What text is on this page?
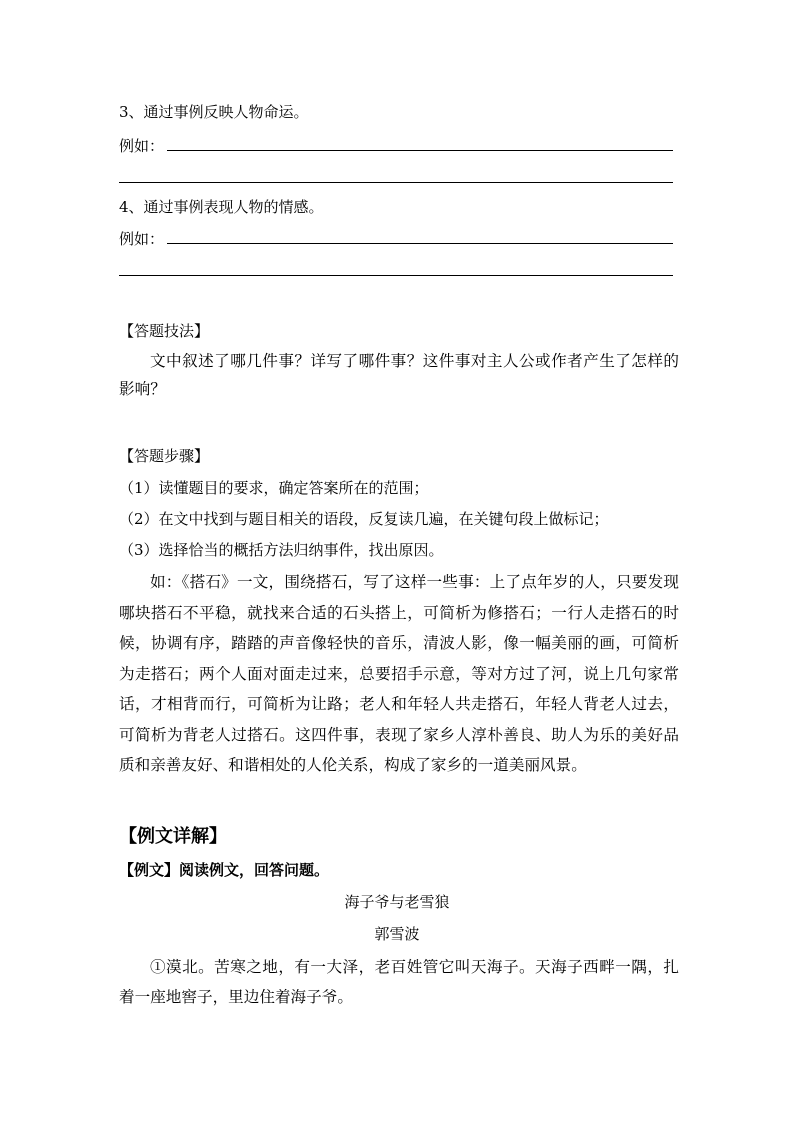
3、通过事例反映人物命运。
例如：
4、通过事例表现人物的情感。
例如：
【答题技法】
文中叙述了哪几件事？详写了哪件事？这件事对主人公或作者产生了怎样的影响？
【答题步骤】
（1）读懂题目的要求，确定答案所在的范围；
（2）在文中找到与题目相关的语段，反复读几遍，在关键句段上做标记；
（3）选择恰当的概括方法归纳事件，找出原因。
如：《搭石》一文，围绕搭石，写了这样一些事：上了点年岁的人，只要发现哪块搭石不平稳，就找来合适的石头搭上，可简析为修搭石；一行人走搭石的时候，协调有序，踏踏的声音像轻快的音乐，清波人影，像一幅美丽的画，可简析为走搭石；两个人面对面走过来，总要招手示意，等对方过了河，说上几句家常话，才相背而行，可简析为让路；老人和年轻人共走搭石，年轻人背老人过去，可简析为背老人过搭石。这四件事，表现了家乡人淳朴善良、助人为乐的美好品质和亲善友好、和谐相处的人伦关系，构成了家乡的一道美丽风景。
【例文详解】
【例文】阅读例文，回答问题。
海子爷与老雪狼
郭雪波
①漠北。苦寒之地，有一大泽，老百姓管它叫天海子。天海子西畔一隅，扎着一座地窖子，里边住着海子爷。
